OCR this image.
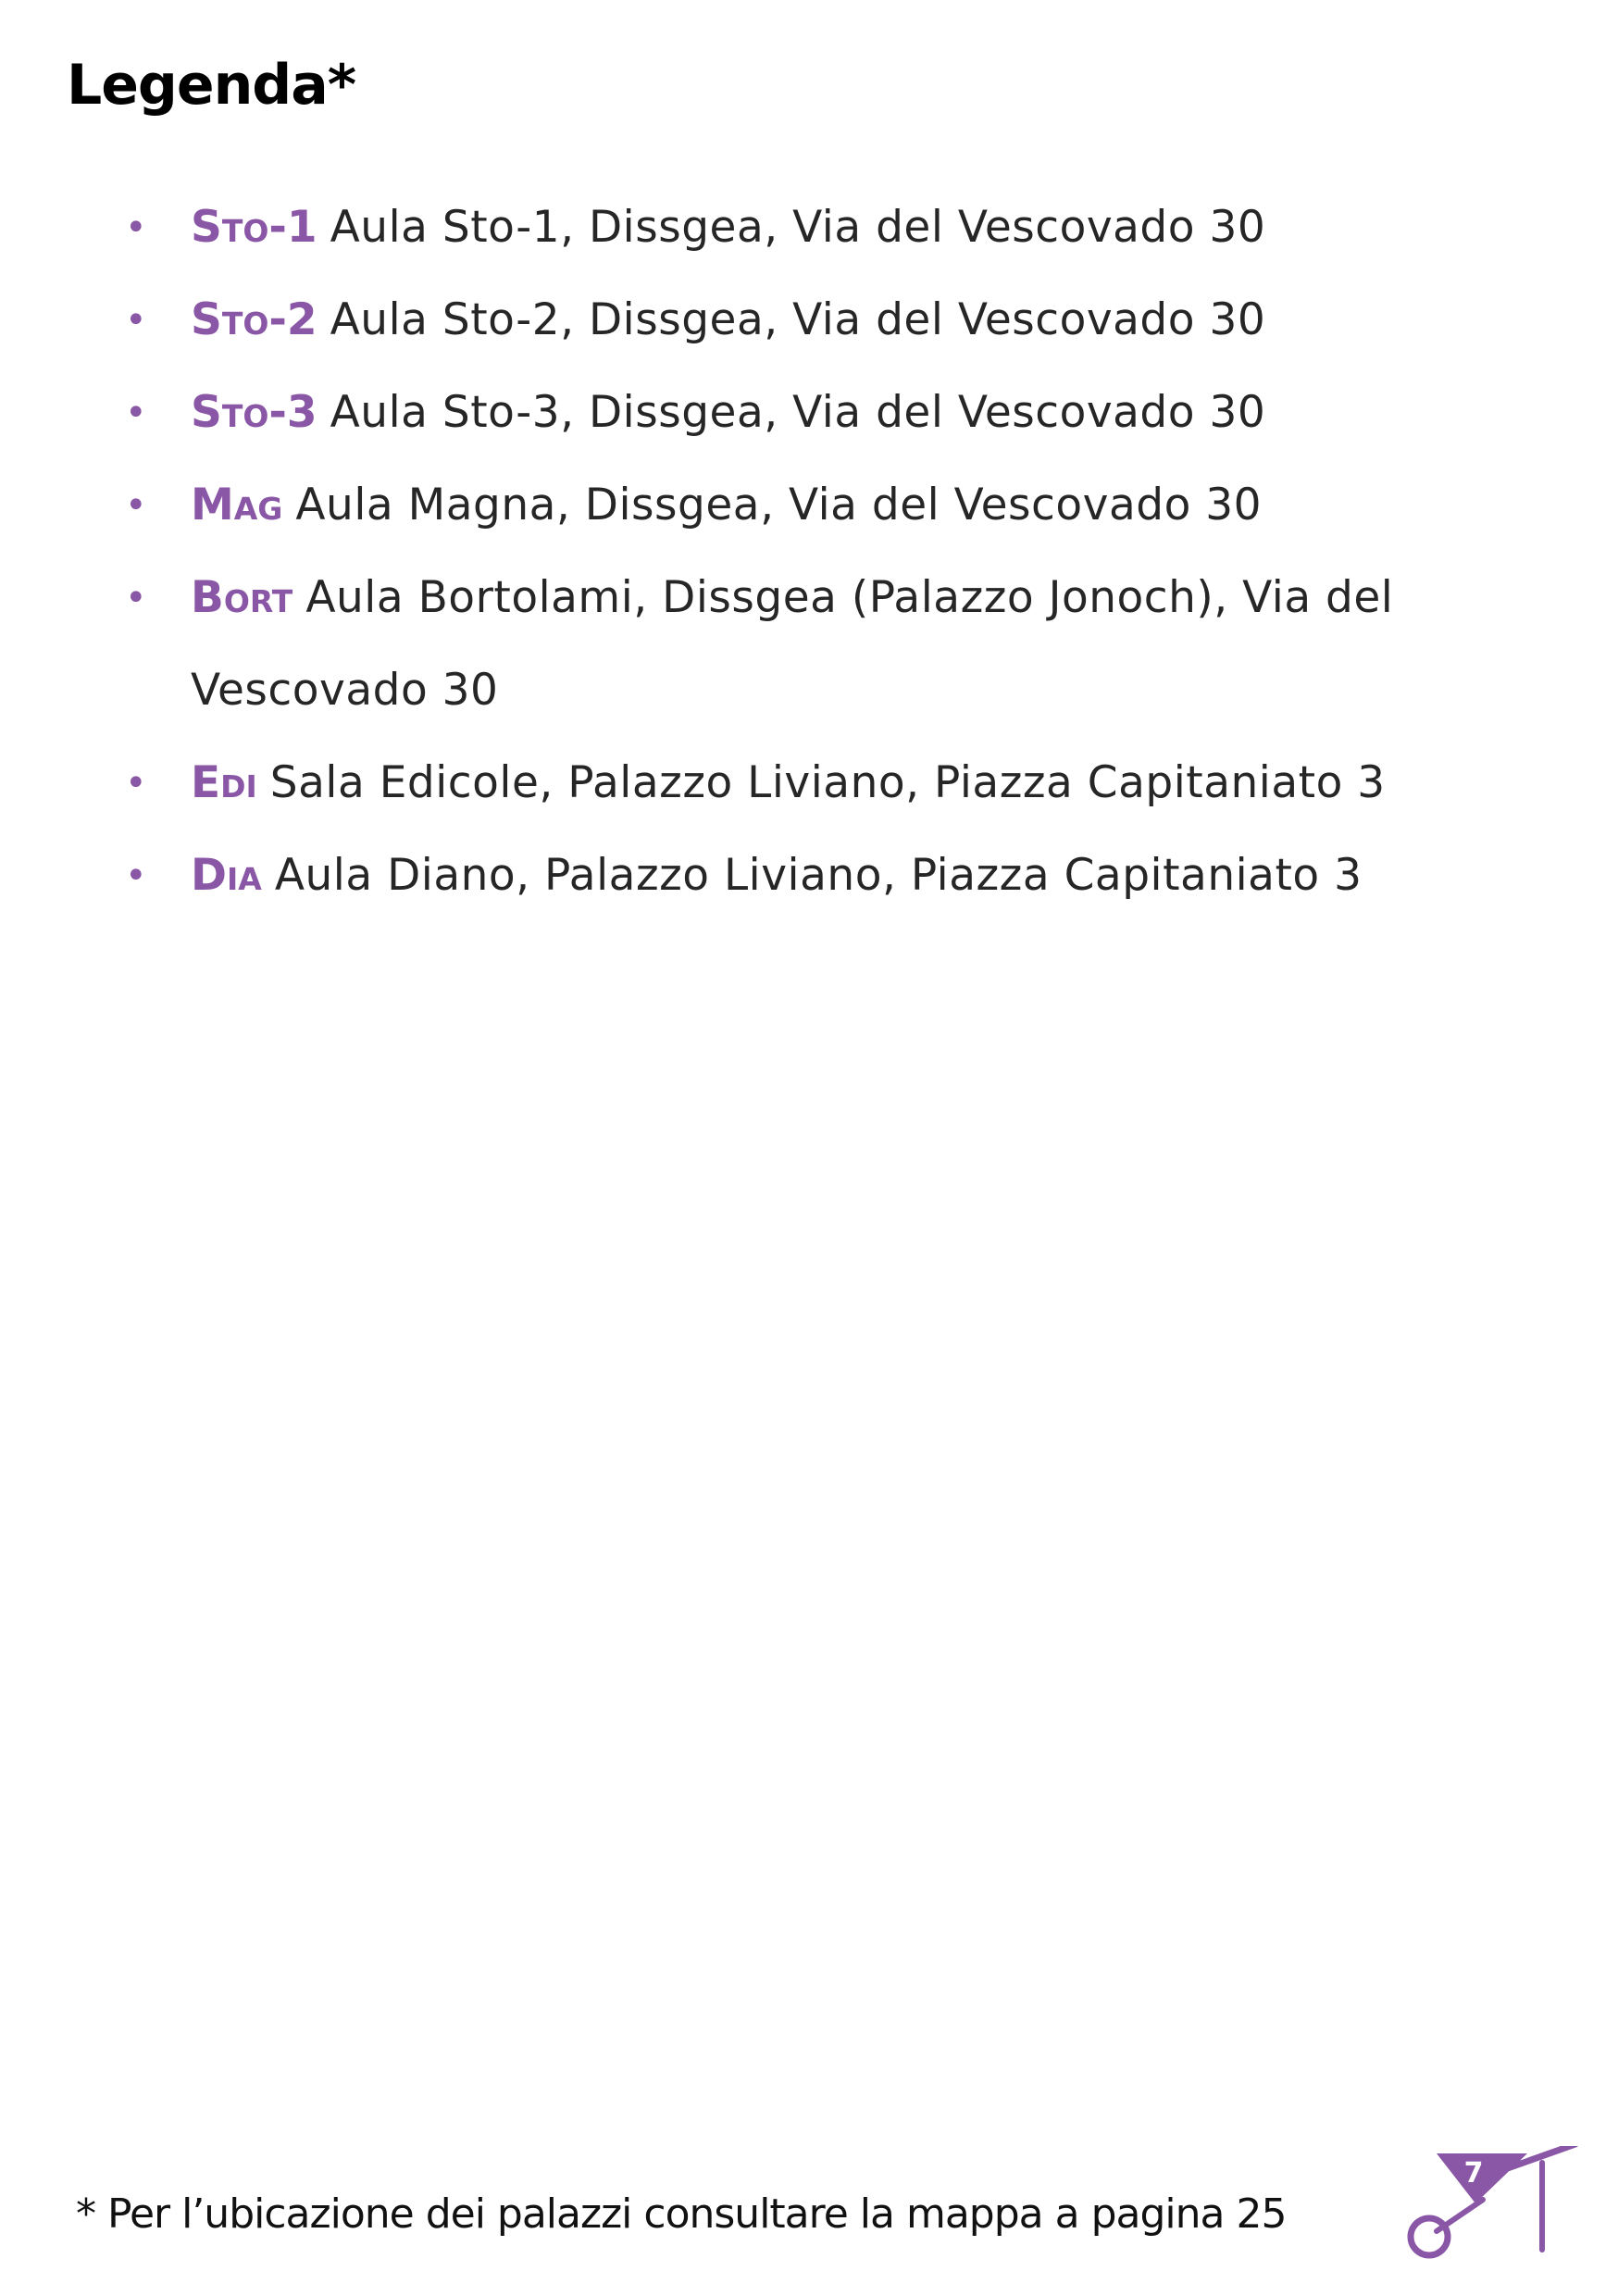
Legenda*
• Sto-1 Aula Sto-1, Dissgea, Via del Vescovado 30
• Sto-2 Aula Sto-2, Dissgea, Via del Vescovado 30
• Sto-3 Aula Sto-3, Dissgea, Via del Vescovado 30
• Mag Aula Magna, Dissgea, Via del Vescovado 30
• Bort Aula Bortolami, Dissgea (Palazzo Jonoch), Via del Vescovado 30
• Edi Sala Edicole, Palazzo Liviano, Piazza Capitaniato 3
• Dia Aula Diano, Palazzo Liviano, Piazza Capitaniato 3

* Per l’ubicazione dei palazzi consultare la mappa a pagina 25

7
